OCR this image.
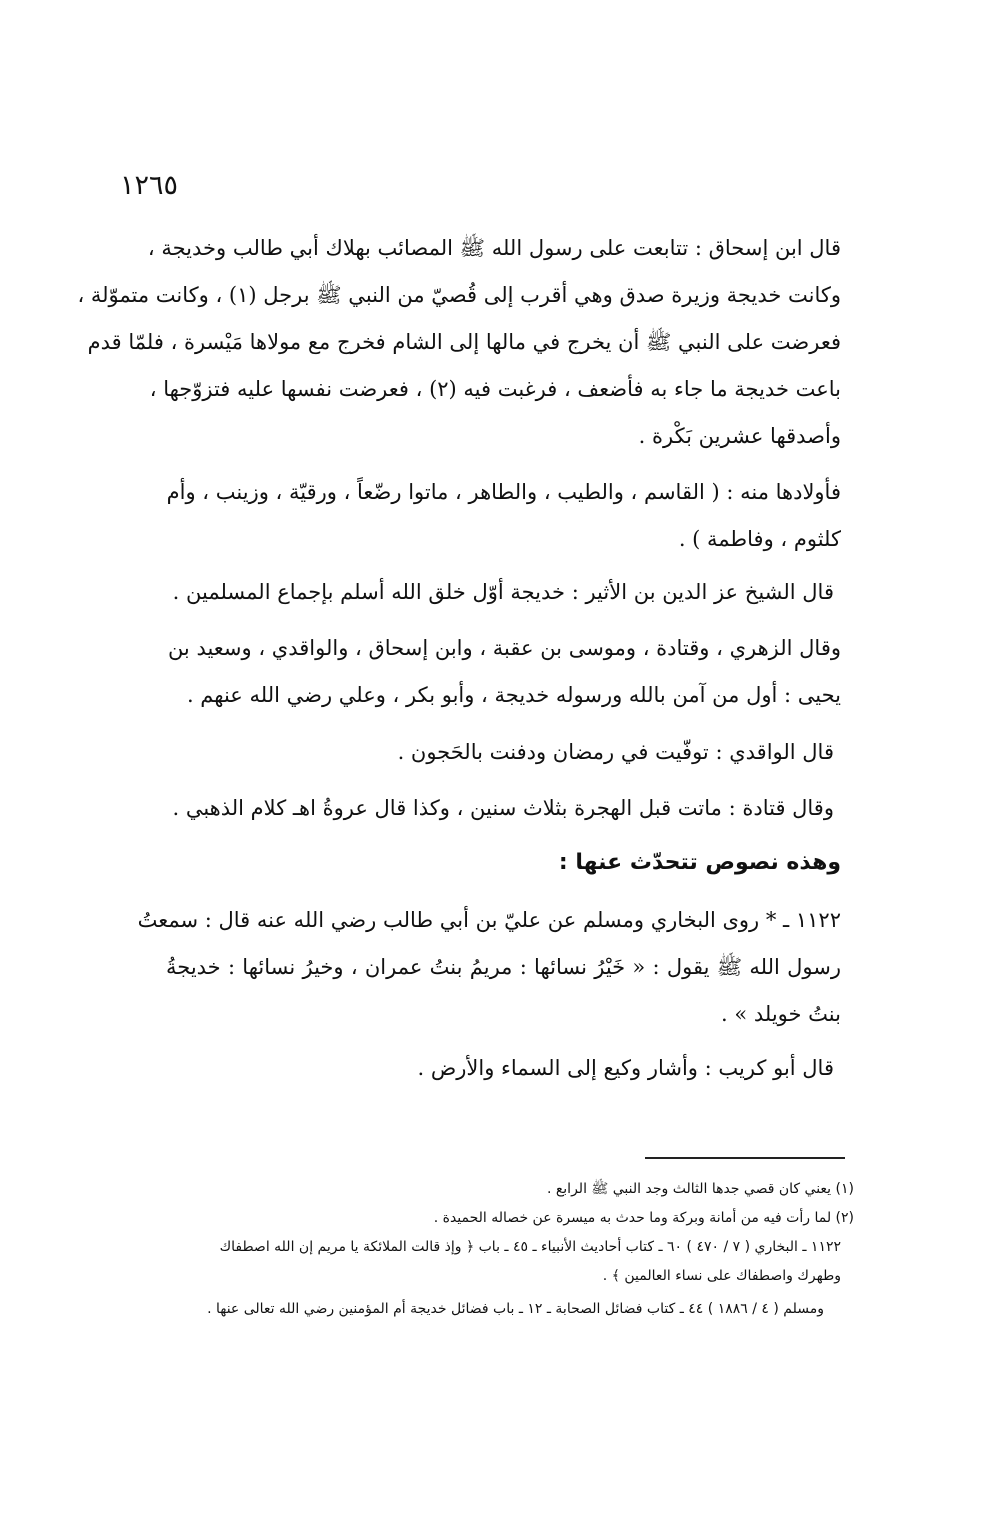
١٢٦٥
قال ابن إسحاق : تتابعت على رسول الله ﷺ المصائب بهلاك أبي طالب وخديجة ،
وكانت خديجة وزيرة صدق وهي أقرب إلى قُصيّ من النبي ﷺ برجل (١) ، وكانت متموّلة ،
فعرضت على النبي ﷺ أن يخرج في مالها إلى الشام فخرج مع مولاها مَيْسرة ، فلمّا قدم
باعت خديجة ما جاء به فأضعف ، فرغبت فيه (٢) ، فعرضت نفسها عليه فتزوّجها ،
وأصدقها عشرين بَكْرة .
فأولادها منه : ( القاسم ، والطيب ، والطاهر ، ماتوا رضّعاً ، ورقيّة ، وزينب ، وأم
كلثوم ، وفاطمة ) .
قال الشيخ عز الدين بن الأثير : خديجة أوّل خلق الله أسلم بإجماع المسلمين .
وقال الزهري ، وقتادة ، وموسى بن عقبة ، وابن إسحاق ، والواقدي ، وسعيد بن
يحيى : أول من آمن بالله ورسوله خديجة ، وأبو بكر ، وعلي رضي الله عنهم .
قال الواقدي : توفّيت في رمضان ودفنت بالحَجون .
وقال قتادة : ماتت قبل الهجرة بثلاث سنين ، وكذا قال عروةُ اهـ كلام الذهبي .
وهذه نصوص تتحدّث عنها :
١١٢٢ ـ * روى البخاري ومسلم عن عليّ بن أبي طالب رضي الله عنه قال : سمعتُ
رسول الله ﷺ يقول : « خَيْرُ نسائها : مريمُ بنتُ عمران ، وخيرُ نسائها : خديجةُ
بنتُ خويلد » .
قال أبو كريب : وأشار وكيع إلى السماء والأرض .
(١) يعني كان قصي جدها الثالث وجد النبي ﷺ الرابع .
(٢) لما رأت فيه من أمانة وبركة وما حدث به ميسرة عن خصاله الحميدة .
١١٢٢ ـ البخاري ( ٧ / ٤٧٠ ) ٦٠ ـ كتاب أحاديث الأنبياء ـ ٤٥ ـ باب ﴿ وإذ قالت الملائكة يا مريم إن الله اصطفاك
وطهرك واصطفاك على نساء العالمين ﴾ .
ومسلم ( ٤ / ١٨٨٦ ) ٤٤ ـ كتاب فضائل الصحابة ـ ١٢ ـ باب فضائل خديجة أم المؤمنين رضي الله تعالى عنها .
